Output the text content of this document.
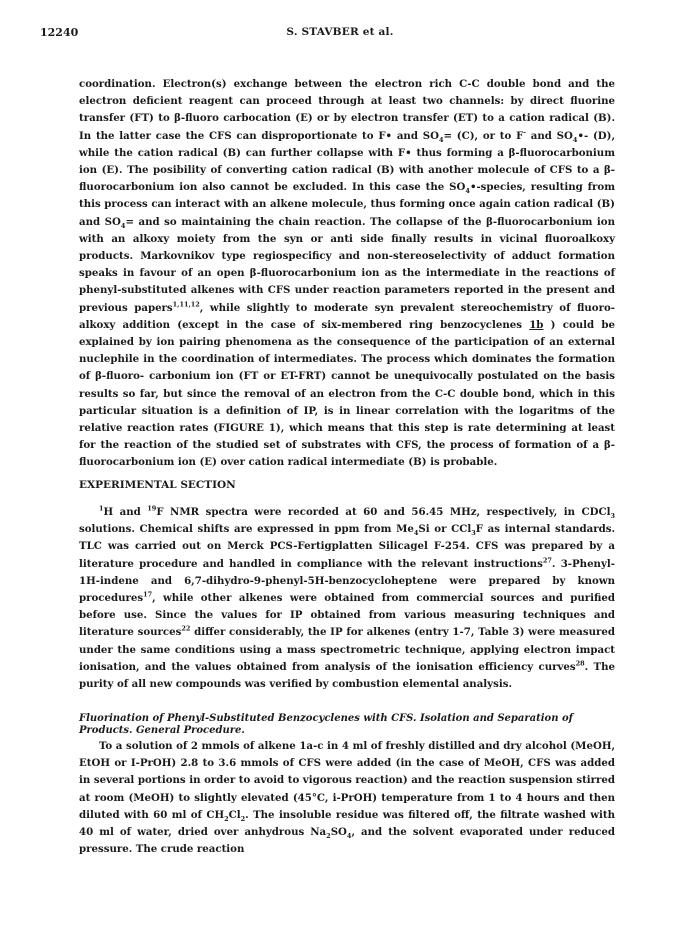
12240	S. STAVBER et al.
coordination. Electron(s) exchange between the electron rich C-C double bond and the electron deficient reagent can proceed through at least two channels: by direct fluorine transfer (FT) to β-fluoro carbocation (E) or by electron transfer (ET) to a cation radical (B). In the latter case the CFS can disproportionate to F• and $SO_4= (C)$, or to F- and $SO_4•-$ (D), while the cation radical (B) can further collapse with F• thus forming a β-fluorocarbonium ion (E). The posibility of converting cation radical (B) with another molecule of CFS to a β-fluorocarbonium ion also cannot be excluded. In this case the $SO_4•$-species, resulting from this process can interact with an alkene molecule, thus forming once again cation radical (B) and $SO_4=$ and so maintaining the chain reaction. The collapse of the β-fluorocarbonium ion with an alkoxy moiety from the syn or anti side finally results in vicinal fluoroalkoxy products. Markovnikov type regiospecificy and non-stereoselectivity of adduct formation speaks in favour of an open β-fluorocarbonium ion as the intermediate in the reactions of phenyl-substituted alkenes with CFS under reaction parameters reported in the present and previous papers$^{1,11,12}$, while slightly to moderate syn prevalent stereochemistry of fluoro-alkoxy addition (except in the case of six-membered ring benzocyclenes 1b ) could be explained by ion pairing phenomena as the consequence of the participation of an external nuclephile in the coordination of intermediates. The process which dominates the formation of β-fluoro- carbonium ion (FT or ET-FRT) cannot be unequivocally postulated on the basis results so far, but since the removal of an electron from the C-C double bond, which in this particular situation is a definition of IP, is in linear correlation with the logaritms of the relative reaction rates (FIGURE 1), which means that this step is rate determining at least for the reaction of the studied set of substrates with CFS, the process of formation of a β-fluorocarbonium ion (E) over cation radical intermediate (B) is probable.
EXPERIMENTAL SECTION
$^1$H and $^{19}$F NMR spectra were recorded at 60 and 56.45 MHz, respectively, in CDCl$_3$ solutions. Chemical shifts are expressed in ppm from $Me_4Si$ or CCl$_3$F as internal standards. TLC was carried out on Merck PCS-Fertigplatten Silicagel F-254. CFS was prepared by a literature procedure and handled in compliance with the relevant instructions$^{27}$. 3-Phenyl-1H-indene and 6,7-dihydro-9-phenyl-5H-benzocycloheptene were prepared by known procedures$^{17}$, while other alkenes were obtained from commercial sources and purified before use. Since the values for IP obtained from various measuring techniques and literature sources$^{22}$ differ considerably, the IP for alkenes (entry 1-7, Table 3) were measured under the same conditions using a mass spectrometric technique, applying electron impact ionisation, and the values obtained from analysis of the ionisation efficiency curves$^{28}$. The purity of all new compounds was verified by combustion elemental analysis.
Fluorination of Phenyl-Substituted Benzocyclenes with CFS. Isolation and Separation of Products. General Procedure.
To a solution of 2 mmols of alkene 1a-c in 4 ml of freshly distilled and dry alcohol (MeOH, EtOH or I-PrOH) 2.8 to 3.6 mmols of CFS were added (in the case of MeOH, CFS was added in several portions in order to avoid to vigorous reaction) and the reaction suspension stirred at room (MeOH) to slightly elevated (45°C, i-PrOH) temperature from 1 to 4 hours and then diluted with 60 ml of $CH_2Cl_2$. The insoluble residue was filtered off, the filtrate washed with 40 ml of water, dried over anhydrous $Na_2SO_4$, and the solvent evaporated under reduced pressure. The crude reaction
